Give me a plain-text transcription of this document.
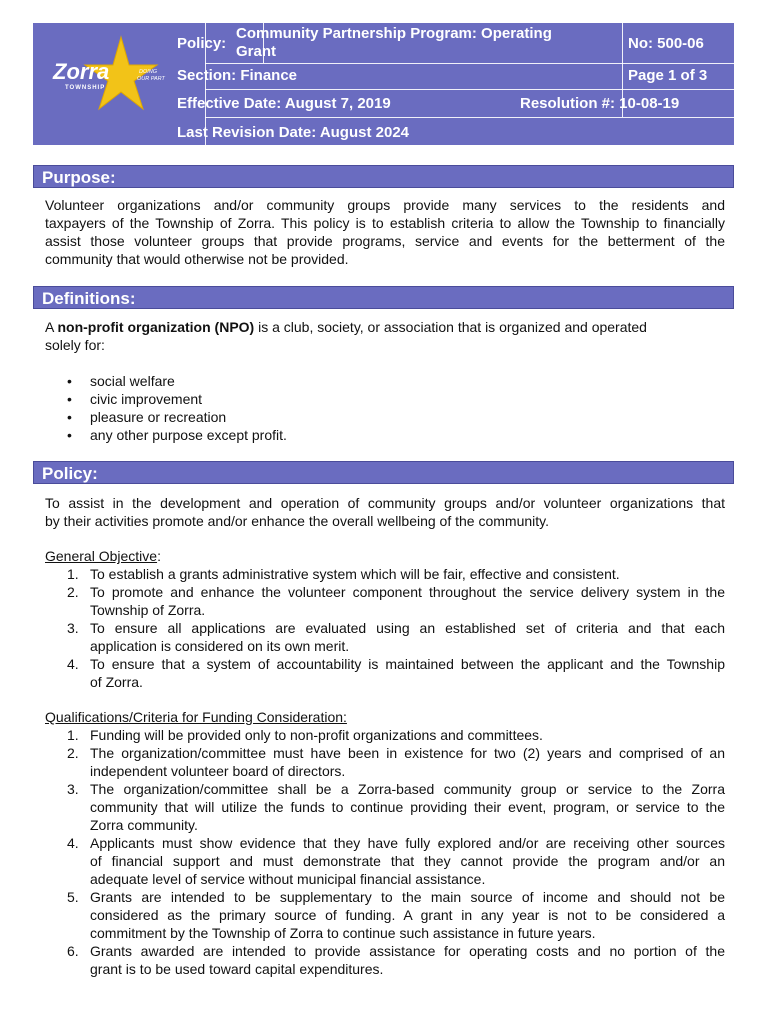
Zorra
TOWNSHIP
DOING
OUR PART
Policy:
Community Partnership Program: Operating
Grant	No: 500-06
Section: Finance	Page 1 of 3
Effective Date: August 7, 2019	Resolution #: 10-08-19
Last Revision Date: August 2024
Purpose:
Volunteer organizations and/or community groups provide many services to the residents and
taxpayers of the Township of Zorra. This policy is to establish criteria to allow the Township to financially
assist those volunteer groups that provide programs, service and events for the betterment of the
community that would otherwise not be provided.
Definitions:
A non-profit organization (NPO) is a club, society, or association that is organized and operated
solely for:
• social welfare
• civic improvement
• pleasure or recreation
• any other purpose except profit.
Policy:
To assist in the development and operation of community groups and/or volunteer organizations that
by their activities promote and/or enhance the overall wellbeing of the community.
General Objective:
1. To establish a grants administrative system which will be fair, effective and consistent.
2. To promote and enhance the volunteer component throughout the service delivery system in the
Township of Zorra.
3. To ensure all applications are evaluated using an established set of criteria and that each
application is considered on its own merit.
4. To ensure that a system of accountability is maintained between the applicant and the Township
of Zorra.
Qualifications/Criteria for Funding Consideration:
1. Funding will be provided only to non-profit organizations and committees.
2. The organization/committee must have been in existence for two (2) years and comprised of an
independent volunteer board of directors.
3. The organization/committee shall be a Zorra-based community group or service to the Zorra
community that will utilize the funds to continue providing their event, program, or service to the
Zorra community.
4. Applicants must show evidence that they have fully explored and/or are receiving other sources
of financial support and must demonstrate that they cannot provide the program and/or an
adequate level of service without municipal financial assistance.
5. Grants are intended to be supplementary to the main source of income and should not be
considered as the primary source of funding. A grant in any year is not to be considered a
commitment by the Township of Zorra to continue such assistance in future years.
6. Grants awarded are intended to provide assistance for operating costs and no portion of the
grant is to be used toward capital expenditures.
